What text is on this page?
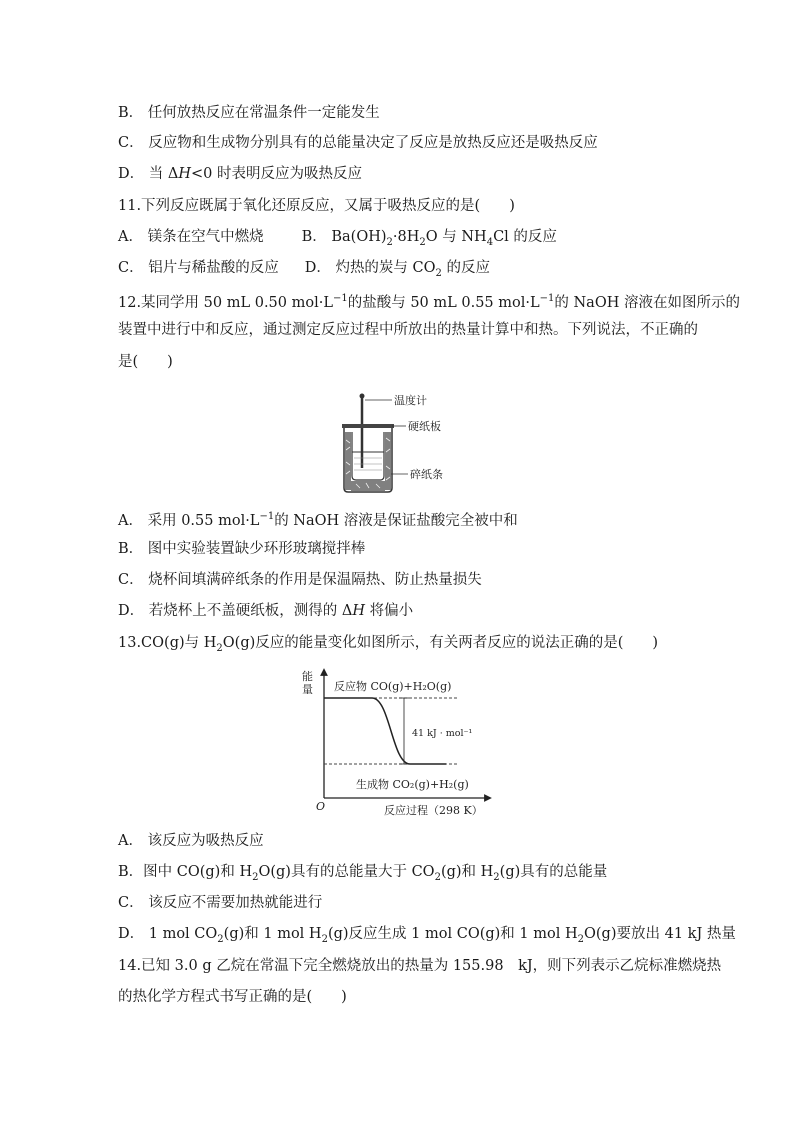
B． 任何放热反应在常温条件一定能发生
C． 反应物和生成物分别具有的总能量决定了反应是放热反应还是吸热反应
D． 当 ΔH<0 时表明反应为吸热反应
11.下列反应既属于氧化还原反应，又属于吸热反应的是(　　)
A． 镁条在空气中燃烧	B． $Ba(OH)_2\cdot 8H_2O$ 与 $NH_4Cl$ 的反应
C． 铝片与稀盐酸的反应 D． 灼热的炭与 $CO_2$ 的反应
12.某同学用 50 mL 0.50 $mol\cdot L^{-1}$的盐酸与 50 mL 0.55 $mol\cdot L^{-1}$的 NaOH 溶液在如图所示的
装置中进行中和反应，通过测定反应过程中所放出的热量计算中和热。下列说法，不正确的
是(　　)
温度计
硬纸板
碎纸条
A． 采用 0.55 $mol\cdot L^{-1}$的 NaOH 溶液是保证盐酸完全被中和
B． 图中实验装置缺少环形玻璃搅拌棒
C． 烧杯间填满碎纸条的作用是保温隔热、防止热量损失
D． 若烧杯上不盖硬纸板，测得的 ΔH 将偏小
13.CO(g)与 $H_2O(g)$反应的能量变化如图所示，有关两者反应的说法正确的是(　　)
能
量 反应物 CO(g)+H₂O(g)
41 kJ · mol⁻¹
生成物 CO₂(g)+H₂(g)
O	反应过程（298 K）
A． 该反应为吸热反应
B．图中 CO(g)和 $H_2O(g)$具有的总能量大于 $CO_2(g)$和 $H_2(g)$具有的总能量
C． 该反应不需要加热就能进行
D． 1 mol $CO_2(g)$和 1 mol $H_2(g)$反应生成 1 mol CO(g)和 1 mol $H_2O(g)$要放出 41 kJ 热量
14.已知 3.0 g 乙烷在常温下完全燃烧放出的热量为 155.98　kJ，则下列表示乙烷标准燃烧热
的热化学方程式书写正确的是(　　)
